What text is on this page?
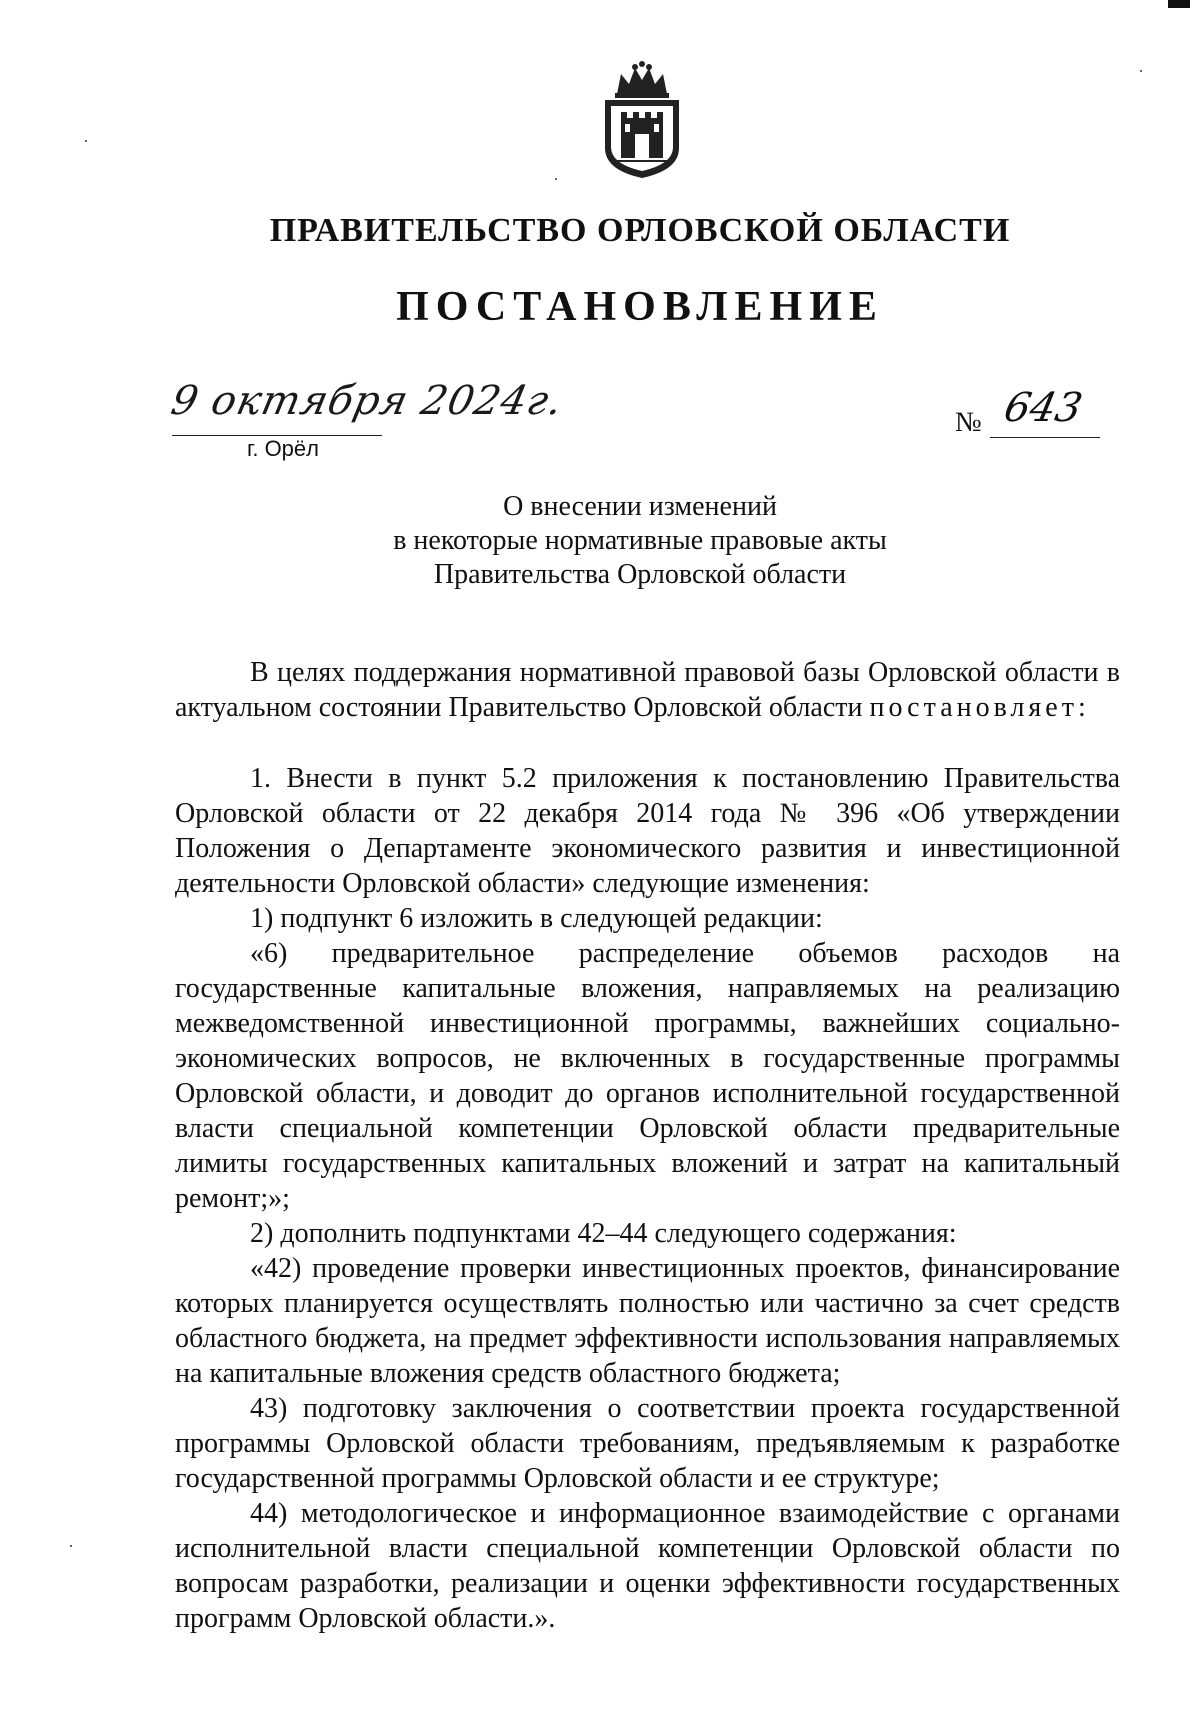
ПРАВИТЕЛЬСТВО ОРЛОВСКОЙ ОБЛАСТИ
ПОСТАНОВЛЕНИЕ
9 октября 2024г.
г. Орёл
№ 643
О внесении изменений
в некоторые нормативные правовые акты
Правительства Орловской области

В целях поддержания нормативной правовой базы Орловской области в актуальном состоянии Правительство Орловской области постановляет:

1. Внести в пункт 5.2 приложения к постановлению Правительства Орловской области от 22 декабря 2014 года № 396 «Об утверждении Положения о Департаменте экономического развития и инвестиционной деятельности Орловской области» следующие изменения:

1) подпункт 6 изложить в следующей редакции:

«6) предварительное распределение объемов расходов на государственные капитальные вложения, направляемых на реализацию межведомственной инвестиционной программы, важнейших социально-экономических вопросов, не включенных в государственные программы Орловской области, и доводит до органов исполнительной государственной власти специальной компетенции Орловской области предварительные лимиты государственных капитальных вложений и затрат на капитальный ремонт;»;

2) дополнить подпунктами 42–44 следующего содержания:

«42) проведение проверки инвестиционных проектов, финансирование которых планируется осуществлять полностью или частично за счет средств областного бюджета, на предмет эффективности использования направляемых на капитальные вложения средств областного бюджета;

43) подготовку заключения о соответствии проекта государственной программы Орловской области требованиям, предъявляемым к разработке государственной программы Орловской области и ее структуре;

44) методологическое и информационное взаимодействие с органами исполнительной власти специальной компетенции Орловской области по вопросам разработки, реализации и оценки эффективности государственных программ Орловской области.».
